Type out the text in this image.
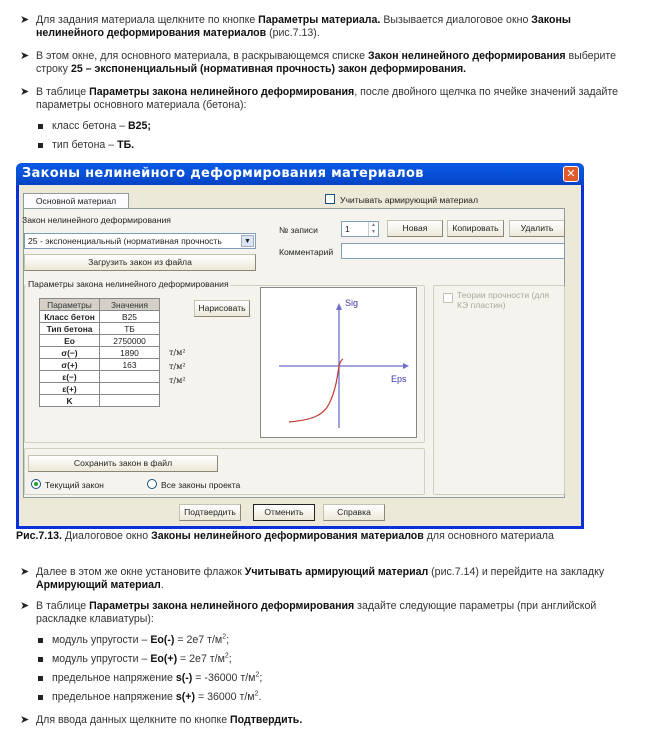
➤ Для задания материала щелкните по кнопке Параметры материала. Вызывается диалоговое окно Законы нелинейного деформирования материалов (рис.7.13).
➤ В этом окне, для основного материала, в раскрывающемся списке Закон нелинейного деформирования выберите строку 25 – экспоненциальный (нормативная прочность) закон деформирования.
➤ В таблице Параметры закона нелинейного деформирования, после двойного щелчка по ячейке значений задайте параметры основного материала (бетона):
класс бетона – B25;
тип бетона – ТБ.
Законы нелинейного деформирования материалов	✕
Основной материал	Учитывать армирующий материал
Закон нелинейного деформирования
25 - экспоненциальный (нормативная прочность	▼
Загрузить закон из файла
№ записи	1	▲
▼	Новая	Копировать	Удалить
Комментарий
Параметры закона нелинейного деформирования
Параметры	Значения
Класс бетон	B25
Тип бетона	ТБ
Eo	2750000
σ(−)	1890
σ(+)	163
ε(−)	
ε(+)	
K	
т/м²
т/м²
т/м²
Нарисовать	Sig
Eps
Теории прочности (для КЭ пластин)
Сохранить закон в файл
Текущий закон	Все законы проекта
Подтвердить	Отменить	Справка
Рис.7.13. Диалоговое окно Законы нелинейного деформирования материалов для основного материала
➤ Далее в этом же окне установите флажок Учитывать армирующий материал (рис.7.14) и перейдите на закладку Армирующий материал.
➤ В таблице Параметры закона нелинейного деформирования задайте следующие параметры (при английской раскладке клавиатуры):
модуль упругости – Eo(-) = 2e7 $т/м^2$;
модуль упругости – Eo(+) = 2e7 $т/м^2$;
предельное напряжение s(-) = -36000 $т/м^2$;
предельное напряжение s(+) = 36000 $т/м^2$.
➤ Для ввода данных щелкните по кнопке Подтвердить.
